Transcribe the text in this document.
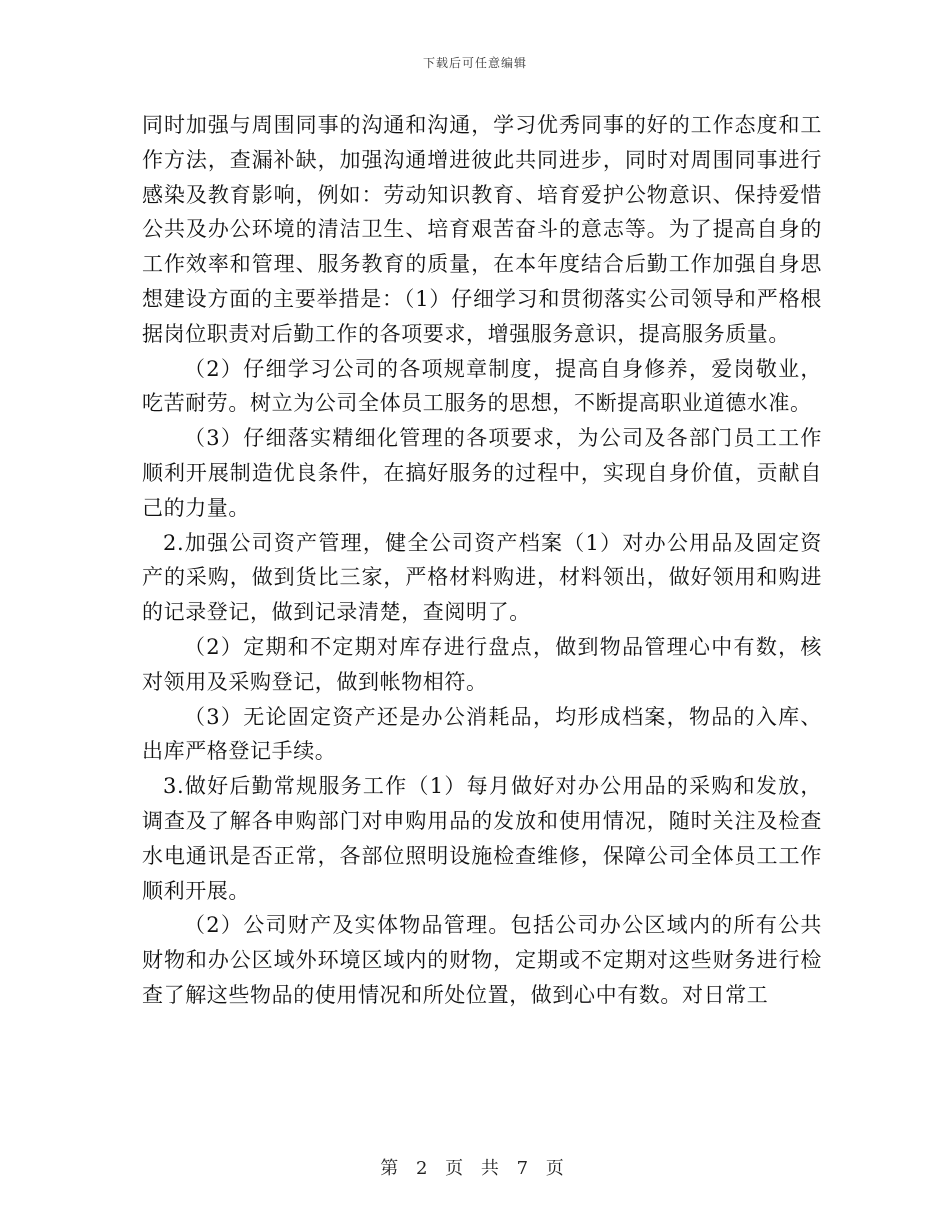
下载后可任意编辑

同时加强与周围同事的沟通和沟通，学习优秀同事的好的工作态度和工作方法，查漏补缺，加强沟通增进彼此共同进步，同时对周围同事进行感染及教育影响，例如：劳动知识教育、培育爱护公物意识、保持爱惜公共及办公环境的清洁卫生、培育艰苦奋斗的意志等。为了提高自身的工作效率和管理、服务教育的质量，在本年度结合后勤工作加强自身思想建设方面的主要举措是：（1）仔细学习和贯彻落实公司领导和严格根据岗位职责对后勤工作的各项要求，增强服务意识，提高服务质量。

（2）仔细学习公司的各项规章制度，提高自身修养，爱岗敬业，吃苦耐劳。树立为公司全体员工服务的思想，不断提高职业道德水准。

（3）仔细落实精细化管理的各项要求，为公司及各部门员工工作顺利开展制造优良条件，在搞好服务的过程中，实现自身价值，贡献自己的力量。

2.加强公司资产管理，健全公司资产档案（1）对办公用品及固定资产的采购，做到货比三家，严格材料购进，材料领出，做好领用和购进的记录登记，做到记录清楚，查阅明了。

（2）定期和不定期对库存进行盘点，做到物品管理心中有数，核对领用及采购登记，做到帐物相符。

（3）无论固定资产还是办公消耗品，均形成档案，物品的入库、出库严格登记手续。

3.做好后勤常规服务工作（1）每月做好对办公用品的采购和发放，调查及了解各申购部门对申购用品的发放和使用情况，随时关注及检查水电通讯是否正常，各部位照明设施检查维修，保障公司全体员工工作顺利开展。

（2）公司财产及实体物品管理。包括公司办公区域内的所有公共财物和办公区域外环境区域内的财物，定期或不定期对这些财务进行检查了解这些物品的使用情况和所处位置，做到心中有数。对日常工

第 2 页 共 7 页
